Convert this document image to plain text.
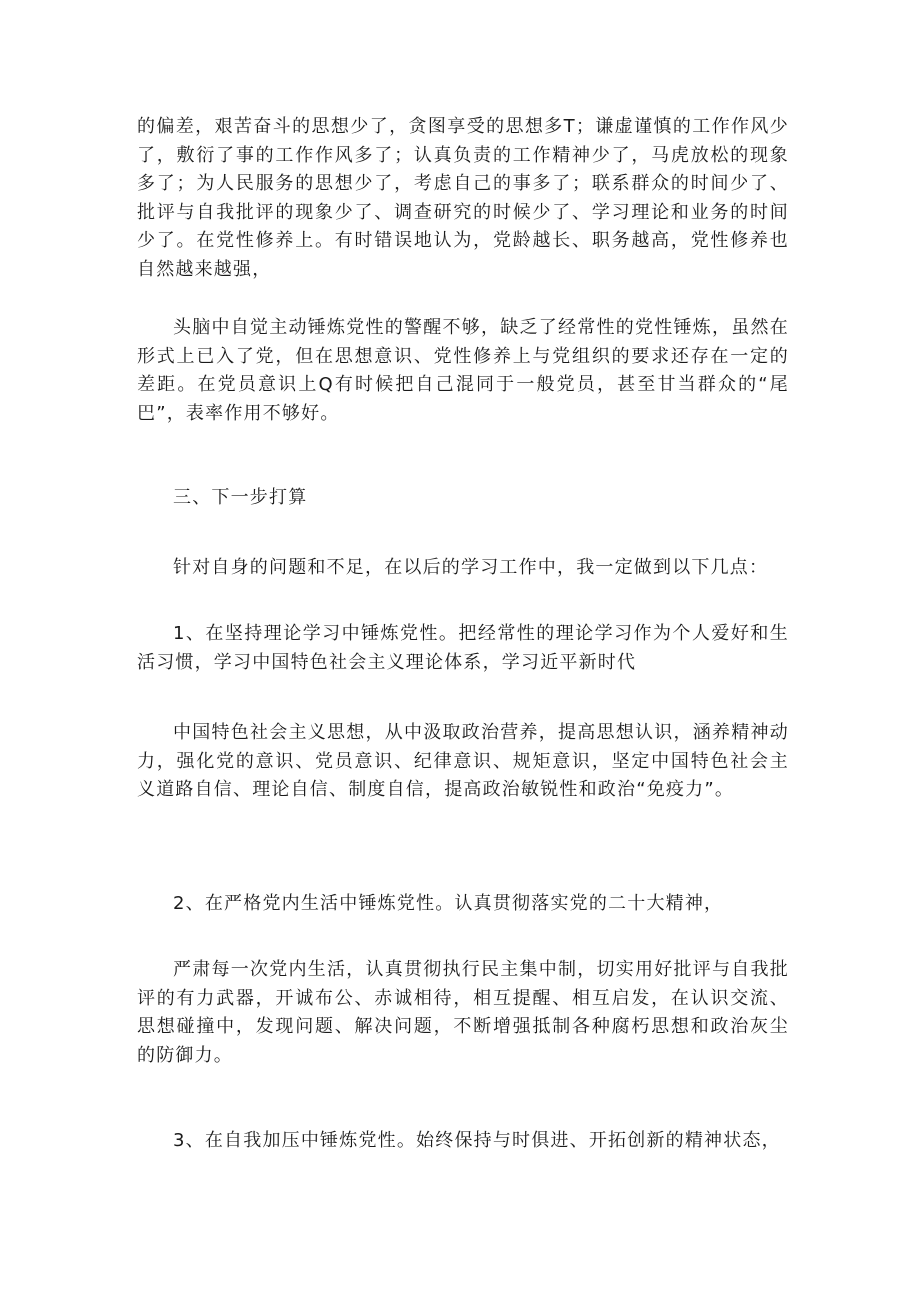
的偏差，艰苦奋斗的思想少了，贪图享受的思想多T；谦虚谨慎的工作作风少了，敷衍了事的工作作风多了；认真负责的工作精神少了，马虎放松的现象多了；为人民服务的思想少了，考虑自己的事多了；联系群众的时间少了、批评与自我批评的现象少了、调查研究的时候少了、学习理论和业务的时间少了。在党性修养上。有时错误地认为，党龄越长、职务越高，党性修养也自然越来越强，

头脑中自觉主动锤炼党性的警醒不够，缺乏了经常性的党性锤炼，虽然在形式上已入了党，但在思想意识、党性修养上与党组织的要求还存在一定的差距。在党员意识上Q有时候把自己混同于一般党员，甚至甘当群众的“尾巴”，表率作用不够好。

三、下一步打算

针对自身的问题和不足，在以后的学习工作中，我一定做到以下几点：

1、在坚持理论学习中锤炼党性。把经常性的理论学习作为个人爱好和生活习惯，学习中国特色社会主义理论体系，学习近平新时代

中国特色社会主义思想，从中汲取政治营养，提高思想认识，涵养精神动力，强化党的意识、党员意识、纪律意识、规矩意识，坚定中国特色社会主义道路自信、理论自信、制度自信，提高政治敏锐性和政治“免疫力”。

2、在严格党内生活中锤炼党性。认真贯彻落实党的二十大精神，

严肃每一次党内生活，认真贯彻执行民主集中制，切实用好批评与自我批评的有力武器，开诚布公、赤诚相待，相互提醒、相互启发，在认识交流、思想碰撞中，发现问题、解决问题，不断增强抵制各种腐朽思想和政治灰尘的防御力。

3、在自我加压中锤炼党性。始终保持与时俱进、开拓创新的精神状态，
